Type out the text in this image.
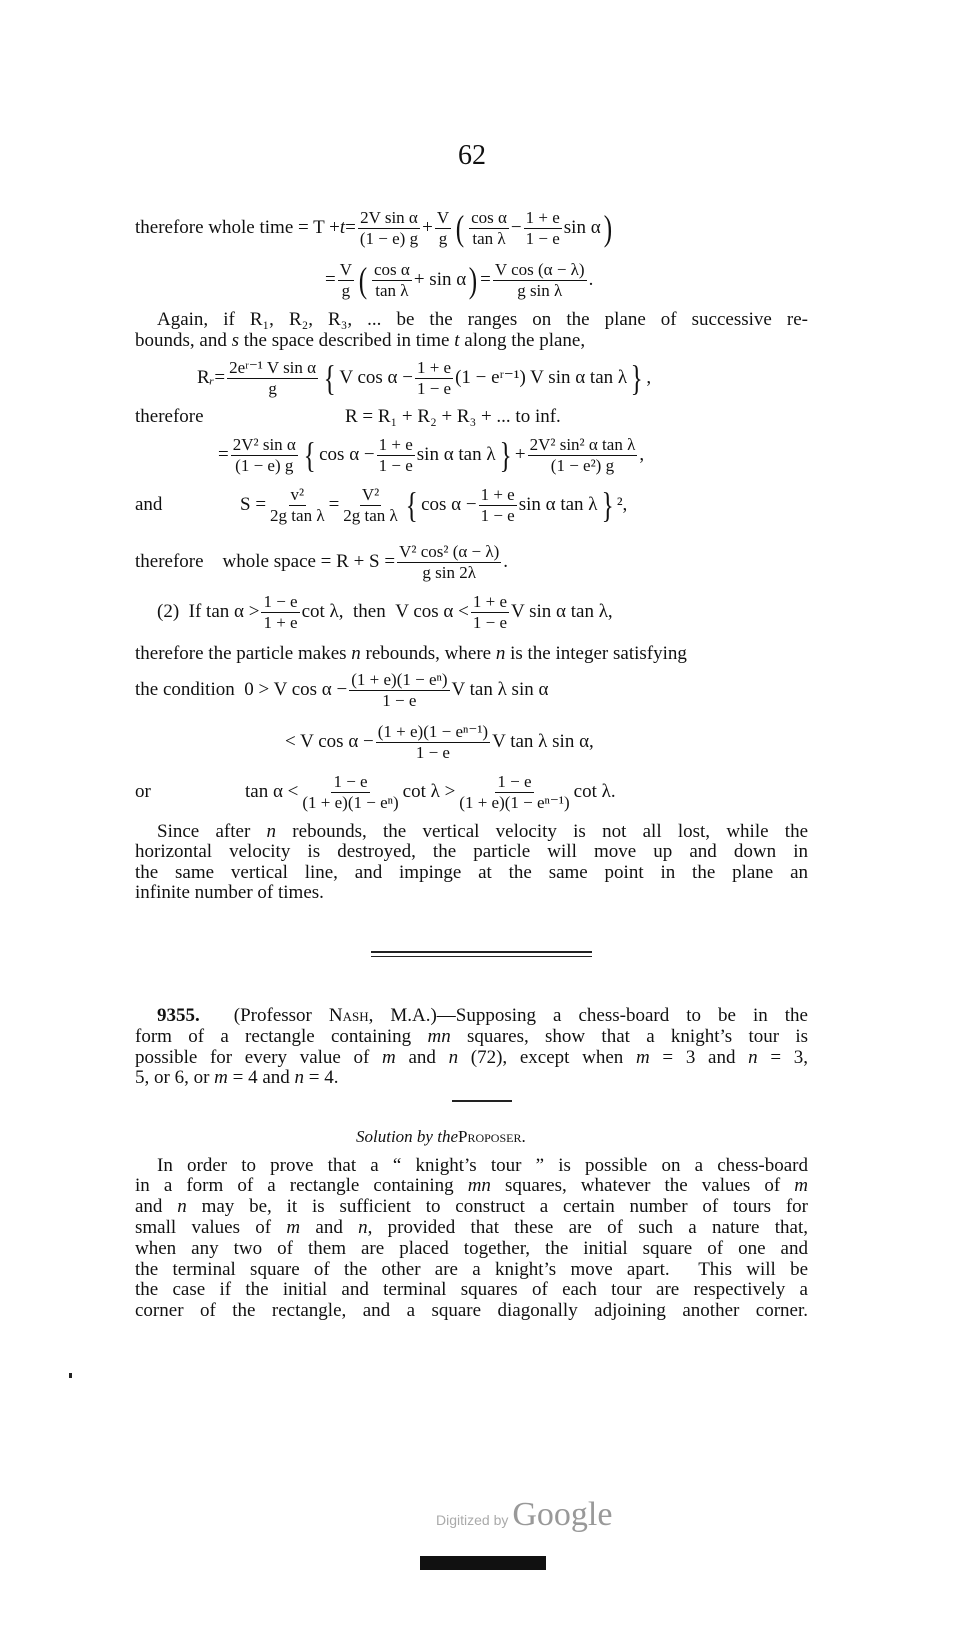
62
therefore whole time = $T + t = \frac{\text{2V sin α}}{(1 - e) g} + \frac{V}{g}$ ( $\frac{\text{cos α}}{\text{tan λ}} - \frac{1 + e}{1 - e}$ sin α )
= $\frac{V}{g}$ ( $\frac{\text{cos α}}{\text{tan λ}} + \sin \alpha$ ) = $\frac{\text{V cos (α − λ)}}{\text{g sin λ}}$ .
Again, if R₁, R₂, R₃, ... be the ranges on the plane of successive re-
bounds, and s the space described in time t along the plane,
R ᵣ = $\frac{\text{2eʳ⁻¹ V sin α}}{g}$ { V $\cos \alpha - \frac{1 + e}{1 - e} (1$ − eʳ⁻¹) V sin α tan λ } ,
therefore	R = R₁ + R₂ + R₃ + ... to inf.
= $\frac{\text{2V² sin α}}{(1 - e) g}$ { $\cos \alpha - \frac{1 + e}{1 - e}$ sin α tan λ } + $\frac{\text{2V² sin² α tan λ}}{\text{(1 − e²) g}}$ ,
and	$S = \frac{\text{v²}}{\text{2g tan λ}} = \frac{\text{V²}}{\text{2g tan λ}}$ { $\cos \alpha - \frac{1 + e}{1 - e}$ sin α tan λ } ²,
therefore    whole space = $R + S = \frac{\text{V² cos² (α − λ)}}{\text{g sin 2λ}}$ .
(2)  If $\tan \alpha > \frac{1 - e}{1 + e}$ cot λ,  then  V $\cos \alpha < \frac{1 + e}{1 - e}$ V sin α tan λ,
therefore the particle makes n rebounds, where n is the integer satisfying
the condition  0 > V $\cos \alpha - \frac{\text{(1 + e)(1 − eⁿ)}}{1 - e}$ V tan λ sin α
< V $\cos \alpha - \frac{\text{(1 + e)(1 − eⁿ⁻¹)}}{1 - e}$ V tan λ sin α,
or	$\tan \alpha < \frac{1 - e}{\text{(1 + e)(1 − eⁿ)}}$ $\cot \lambda > \frac{1 - e}{\text{(1 + e)(1 − eⁿ⁻¹)}}$ cot λ.
Since after n rebounds, the vertical velocity is not all lost, while the
horizontal velocity is destroyed, the particle will move up and down in
the same vertical line, and impinge at the same point in the plane an
infinite number of times.
9355.  (Professor Nash, M.A.)—Supposing a chess-board to be in the
form of a rectangle containing mn squares, show that a knight’s tour is
possible for every value of m and n (72), except when m = 3 and n = 3,
5, or 6, or m = 4 and n = 4.
Solution by the Proposer .
In order to prove that a “ knight’s tour ” is possible on a chess-board
in a form of a rectangle containing mn squares, whatever the values of m
and n may be, it is sufficient to construct a certain number of tours for
small values of m and n, provided that these are of such a nature that,
when any two of them are placed together, the initial square of one and
the terminal square of the other are a knight’s move apart.  This will be
the case if the initial and terminal squares of each tour are respectively a
corner of the rectangle, and a square diagonally adjoining another corner.
Digitized by Google
